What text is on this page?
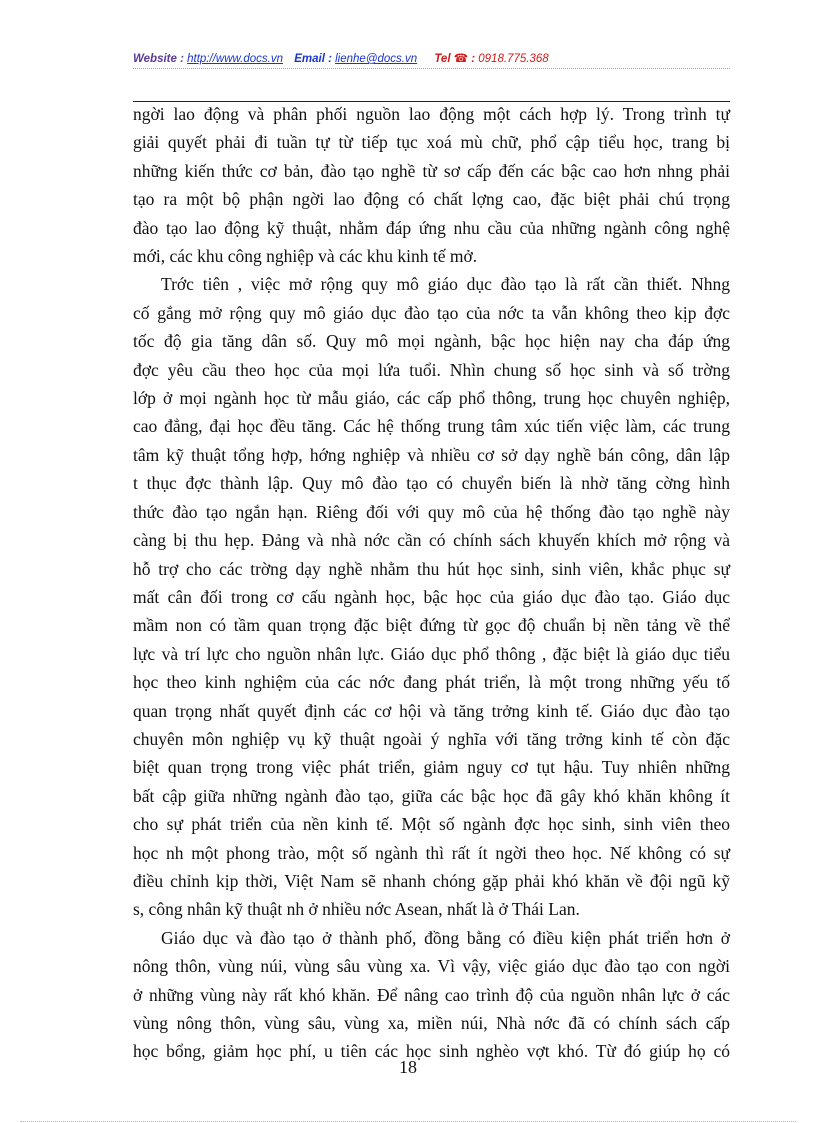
Website : http://www.docs.vn Email : lienhe@docs.vn Tel ☎ : 0918.775.368

ngời lao động và phân phối nguồn lao động một cách hợp lý. Trong trình tự
giải quyết phải đi tuần tự từ tiếp tục xoá mù chữ, phổ cập tiểu học, trang bị
những kiến thức cơ bản, đào tạo nghề từ sơ cấp đến các bậc cao hơn nhng phải
tạo ra một bộ phận ngời lao động có chất lợng cao, đặc biệt phải chú trọng
đào tạo lao động kỹ thuật, nhằm đáp ứng nhu cầu của những ngành công nghệ
mới, các khu công nghiệp và các khu kinh tế mở.

Trớc tiên , việc mở rộng quy mô giáo dục đào tạo là rất cần thiết. Nhng
cố gắng mở rộng quy mô giáo dục đào tạo của nớc ta vẫn không theo kịp đợc
tốc độ gia tăng dân số. Quy mô mọi ngành, bậc học hiện nay cha đáp ứng
đợc yêu cầu theo học của mọi lứa tuổi. Nhìn chung số học sinh và số trờng
lớp ở mọi ngành học từ mẫu giáo, các cấp phổ thông, trung học chuyên nghiệp,
cao đẳng, đại học đều tăng. Các hệ thống trung tâm xúc tiến việc làm, các trung
tâm kỹ thuật tổng hợp, hớng nghiệp và nhiều cơ sở dạy nghề bán công, dân lập
t thục đợc thành lập. Quy mô đào tạo có chuyển biến là nhờ tăng cờng hình
thức đào tạo ngắn hạn. Riêng đối với quy mô của hệ thống đào tạo nghề này
càng bị thu hẹp. Đảng và nhà nớc cần có chính sách khuyến khích mở rộng và
hỗ trợ cho các trờng dạy nghề nhằm thu hút học sinh, sinh viên, khắc phục sự
mất cân đối trong cơ cấu ngành học, bậc học của giáo dục đào tạo. Giáo dục
mầm non có tầm quan trọng đặc biệt đứng từ gọc độ chuẩn bị nền tảng về thể
lực và trí lực cho nguồn nhân lực. Giáo dục phổ thông , đặc biệt là giáo dục tiểu
học theo kinh nghiệm của các nớc đang phát triển, là một trong những yếu tố
quan trọng nhất quyết định các cơ hội và tăng trởng kinh tế. Giáo dục đào tạo
chuyên môn nghiệp vụ kỹ thuật ngoài ý nghĩa với tăng trởng kinh tế còn đặc
biệt quan trọng trong việc phát triển, giảm nguy cơ tụt hậu. Tuy nhiên những
bất cập giữa những ngành đào tạo, giữa các bậc học đã gây khó khăn không ít
cho sự phát triển của nền kinh tế. Một số ngành đợc học sinh, sinh viên theo
học nh một phong trào, một số ngành thì rất ít ngời theo học. Nế không có sự
điều chỉnh kịp thời, Việt Nam sẽ nhanh chóng gặp phải khó khăn về đội ngũ kỹ
s, công nhân kỹ thuật nh ở nhiều nớc Asean, nhất là ở Thái Lan.

Giáo dục và đào tạo ở thành phố, đồng bằng có điều kiện phát triển hơn ở
nông thôn, vùng núi, vùng sâu vùng xa. Vì vậy, việc giáo dục đào tạo con ngời
ở những vùng này rất khó khăn. Để nâng cao trình độ của nguồn nhân lực ở các
vùng nông thôn, vùng sâu, vùng xa, miền núi, Nhà nớc đã có chính sách cấp
học bổng, giảm học phí, u tiên các học sinh nghèo vợt khó. Từ đó giúp họ có

18
